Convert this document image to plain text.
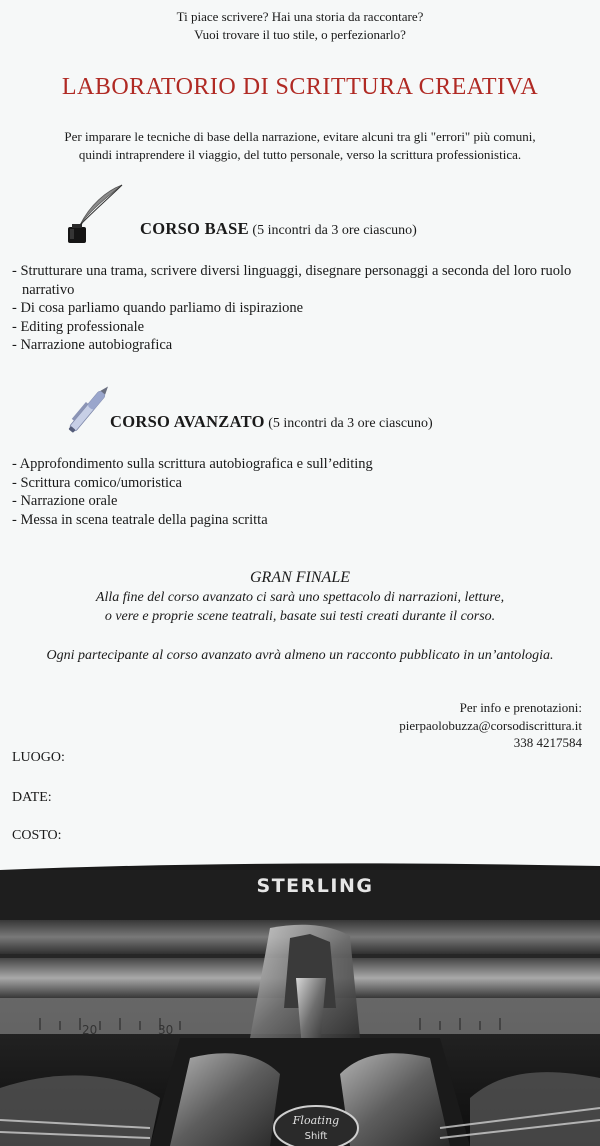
Ti piace scrivere? Hai una storia da raccontare?
Vuoi trovare il tuo stile, o perfezionarlo?
LABORATORIO DI SCRITTURA CREATIVA
Per imparare le tecniche di base della narrazione, evitare alcuni tra gli "errori" più comuni,
quindi intraprendere il viaggio, del tutto personale, verso la scrittura professionistica.
CORSO BASE (5 incontri da 3 ore ciascuno)
- Strutturare una trama, scrivere diversi linguaggi, disegnare personaggi a seconda del loro ruolo narrativo
- Di cosa parliamo quando parliamo di ispirazione
- Editing professionale
- Narrazione autobiografica
CORSO AVANZATO (5 incontri da 3 ore ciascuno)
- Approfondimento sulla scrittura autobiografica e sull’editing
- Scrittura comico/umoristica
- Narrazione orale
- Messa in scena teatrale della pagina scritta
GRAN FINALE
Alla fine del corso avanzato ci sarà uno spettacolo di narrazioni, letture,
o vere e proprie scene teatrali, basate sui testi creati durante il corso.
Ogni partecipante al corso avanzato avrà almeno un racconto pubblicato in un’antologia.
Per info e prenotazioni:
pierpaolobuzza@corsodiscrittura.it
338 4217584
LUOGO:
DATE:
COSTO:
STERLING
20	30
Floating
Shift
